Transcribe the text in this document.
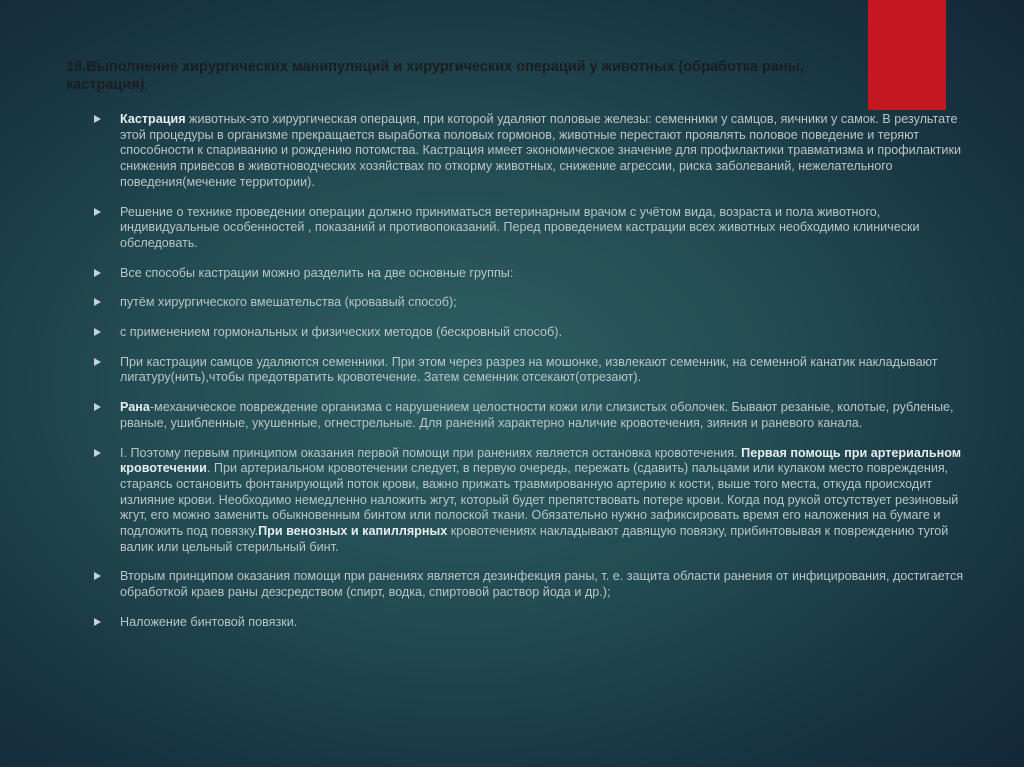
18.Выполнение хирургических манипуляций и хирургических операций у животных (обработка раны, кастрация).
Кастрация животных-это хирургическая операция, при которой удаляют половые железы: семенники у самцов, яичники у самок. В результате этой процедуры в организме прекращается выработка половых гормонов, животные перестают проявлять половое поведение и теряют способности к спариванию и рождению потомства. Кастрация имеет экономическое значение для профилактики травматизма и профилактики снижения привесов в животноводческих хозяйствах по откорму животных, снижение агрессии, риска заболеваний, нежелательного поведения(мечение территории).
Решение о технике проведении операции должно приниматься ветеринарным врачом с учётом вида, возраста и пола животного, индивидуальные особенностей , показаний и противопоказаний. Перед проведением кастрации всех животных необходимо клинически обследовать.
Все способы кастрации можно разделить на две основные группы:
путём хирургического вмешательства (кровавый способ);
с применением гормональных и физических методов (бескровный способ).
При кастрации самцов удаляются семенники. При этом через разрез на мошонке, извлекают семенник, на семенной канатик накладывают лигатуру(нить),чтобы предотвратить кровотечение. Затем семенник отсекают(отрезают).
Рана-механическое повреждение организма с нарушением целостности кожи или слизистых оболочек. Бывают резаные, колотые, рубленые, рваные, ушибленные, укушенные, огнестрельные. Для ранений характерно наличие кровотечения, зияния и раневого канала.
I. Поэтому первым принципом оказания первой помощи при ранениях является остановка кровотечения. Первая помощь при артериальном кровотечении. При артериальном кровотечении следует, в первую очередь, пережать (сдавить) пальцами или кулаком место повреждения, стараясь остановить фонтанирующий поток крови, важно прижать травмированную артерию к кости, выше того места, откуда происходит излияние крови. Необходимо немедленно наложить жгут, который будет препятствовать потере крови. Когда под рукой отсутствует резиновый жгут, его можно заменить обыкновенным бинтом или полоской ткани. Обязательно нужно зафиксировать время его наложения на бумаге и подложить под повязку.При венозных и капиллярных кровотечениях накладывают давящую повязку, прибинтовывая к повреждению тугой валик или цельный стерильный бинт.
Вторым принципом оказания помощи при ранениях является дезинфекция раны, т. е. защита области ранения от инфицирования, достигается обработкой краев раны дезсредством (спирт, водка, спиртовой раствор йода и др.);
Наложение бинтовой повязки.
